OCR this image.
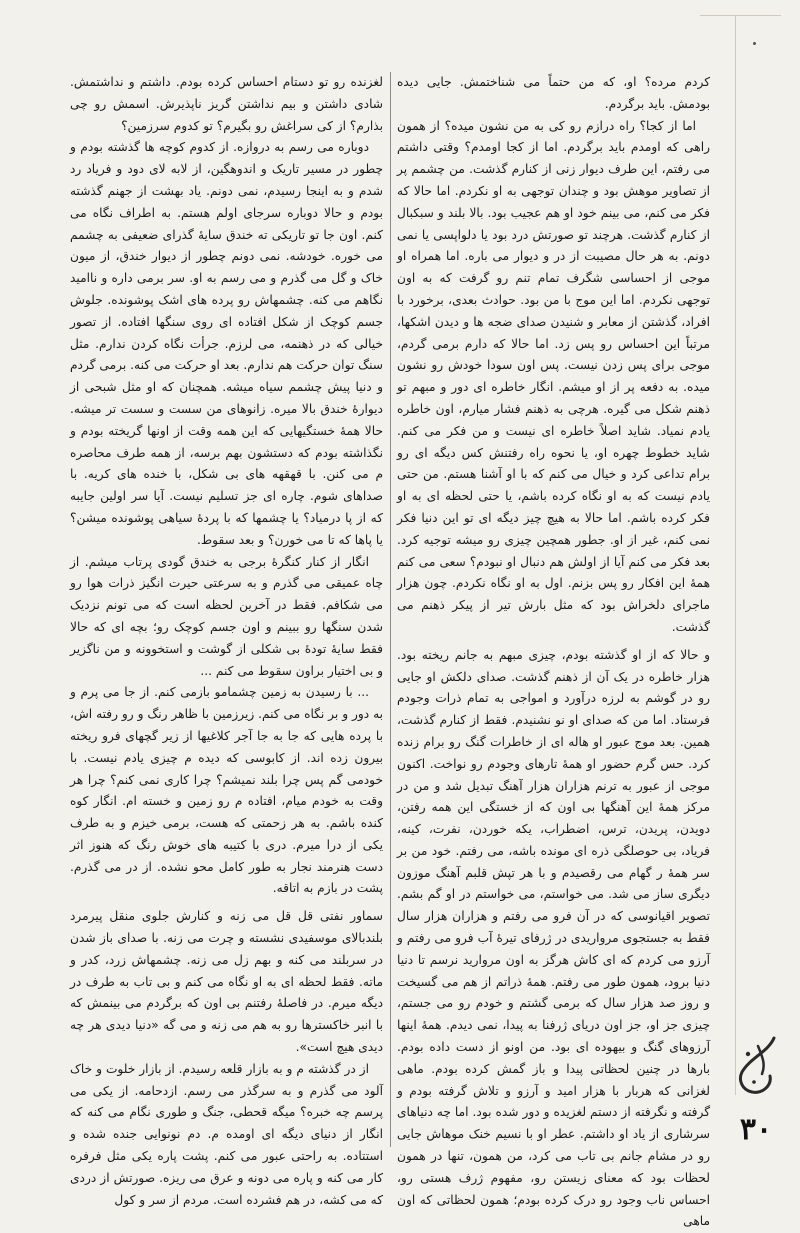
کردم مرده؟ او، که من حتماً می شناختمش. جایی دیده بودمش. باید برگردم.

اما از کجا؟ راه درازم رو کی به من نشون میده؟ از همون راهی که اومدم باید برگردم. اما از کجا اومدم؟ وقتی داشتم می رفتم، این طرف دیوار زنی از کنارم گذشت. من چشمم پر از تصاویر موهش بود و چندان توجهی به او نکردم. اما حالا که فکر می کنم، می بینم خود او هم عجیب بود. بالا بلند و سبکبال از کنارم گذشت. هرچند تو صورتش درد بود یا دلواپسی یا نمی دونم. به هر حال مصیبت از در و دیوار می باره. اما همراه او موجی از احساسی شگرف تمام تنم رو گرفت که به اون توجهی نکردم. اما این موج با من بود. حوادث بعدی، برخورد با افراد، گذشتن از معابر و شنیدن صدای ضجه ها و دیدن اشکها، مرتباً این احساس رو پس زد. اما حالا که دارم برمی گردم، موجی برای پس زدن نیست. پس اون سودا خودش رو نشون میده. به دفعه پر از او میشم. انگار خاطره ای دور و مبهم تو ذهنم شکل می گیره. هرچی به ذهنم فشار میارم، اون خاطره یادم نمیاد. شاید اصلاً خاطره ای نیست و من فکر می کنم. شاید خطوط چهره او، یا نحوه راه رفتنش کس دیگه ای رو برام تداعی کرد و خیال می کنم که با او آشنا هستم. من حتی یادم نیست که به او نگاه کرده باشم، یا حتی لحظه ای به او فکر کرده باشم. اما حالا به هیچ چیز دیگه ای تو این دنیا فکر نمی کنم، غیر از او. جطور همچین چیزی رو میشه توجیه کرد. بعد فکر می کنم آیا از اولش هم دنبال او نبودم؟ سعی می کنم همهٔ این افکار رو پس بزنم. اول به او نگاه نکردم. چون هزار ماجرای دلخراش بود که مثل بارش تیر از پیکر ذهنم می گذشت.

و حالا که از او گذشته بودم، چیزی مبهم به جانم ریخته بود. هزار خاطره در یک آن از ذهنم گذشت. صدای دلکش او جایی رو در گوشم به لرزه درآورد و امواجی به تمام ذرات وجودم فرستاد. اما من که صدای او نو نشنیدم. فقط از کنارم گذشت، همین. بعد موج عبور او هاله ای از خاطرات گنگ رو برام زنده کرد. حس گرم حضور او همهٔ تارهای وجودم رو نواخت. اکنون موجی از عبور به ترنم هزاران هزار آهنگ تبدیل شد و من در مرکز همهٔ این آهنگها بی اون که از خستگی این همه رفتن، دویدن، پریدن، ترس، اضطراب، یکه خوردن، نفرت، کینه، فریاد، بی حوصلگی ذره ای مونده باشه، می رفتم. خود من بر سر همهٔ ر گهام می رقصیدم و با هر تپش قلبم آهنگ موزون دیگری ساز می شد. می خواستم، می خواستم در او گم بشم. تصویر اقیانوسی که در آن فرو می رفتم و هزاران هزار سال فقط به جستجوی مرواریدی در ژرفای تیرهٔ آب فرو می رفتم و آرزو می کردم که ای کاش هرگز به اون مروارید نرسم تا دنیا دنیا برود، همون طور می رفتم. همهٔ ذراتم از هم می گسیخت و روز صد هزار سال که برمی گشتم و خودم رو می جستم، چیزی جز او، جز اون دریای ژرفنا به پیدا، نمی دیدم. همهٔ اینها آرزوهای گنگ و بیهوده ای بود. من اونو از دست داده بودم. بارها در چنین لحظاتی پیدا و باز گمش کرده بودم. ماهی لغزانی که هربار با هزار امید و آرزو و تلاش گرفته بودم و گرفته و نگرفته از دستم لغزیده و دور شده بود. اما چه دنیاهای سرشاری از یاد او داشتم. عطر او با نسیم خنک موهاش جایی رو در مشام جانم بی تاب می کرد، من همون، تنها در همون لحظات بود که معنای زیستن رو، مفهوم ژرف هستی رو، احساس ناب وجود رو درک کرده بودم؛ همون لحظاتی که اون ماهی

لغزنده رو تو دستام احساس کرده بودم. داشتم و نداشتمش. شادی داشتن و بیم نداشتن گریز ناپذیرش. اسمش رو چی بذارم؟ از کی سراغش رو بگیرم؟ تو کدوم سرزمین؟

دوباره می رسم به دروازه. از کدوم کوچه ها گذشته بودم و چطور در مسیر تاریک و اندوهگین، از لابه لای دود و فریاد رد شدم و به اینجا رسیدم، نمی دونم. یاد بهشت از جهنم گذشته بودم و حالا دوباره سرجای اولم هستم. به اطراف نگاه می کنم. اون جا تو تاریکی ته خندق سایهٔ گذرای ضعیفی به چشمم می خوره. خودشه. نمی دونم چطور از دیوار خندق، از میون خاک و گل می گذرم و می رسم به او. سر برمی داره و ناامید نگاهم می کنه. چشمهاش رو پرده های اشک پوشونده. جلوش جسم کوچک از شکل افتاده ای روی سنگها افتاده. از تصور خیالی که در ذهنمه، می لرزم. جرأت نگاه کردن ندارم. مثل سنگ توان حرکت هم ندارم. بعد او حرکت می کنه. برمی گردم و دنیا پیش چشمم سیاه میشه. همچنان که او مثل شبحی از دیوارهٔ خندق بالا میره. زانوهای من سست و سست تر میشه. حالا همهٔ خستگیهایی که این همه وقت از اونها گریخته بودم و نگذاشته بودم که دستشون بهم برسه، از همه طرف محاصره م می کنن. با قهقهه های بی شکل، با خنده های کریه. با صداهای شوم. چاره ای جز تسلیم نیست. آیا سر اولین جایبه که از پا درمیاد؟ یا چشمها که با پردهٔ سیاهی پوشونده میشن؟ یا پاها که تا می خورن؟ و بعد سقوط.

انگار از کنار کنگرهٔ برجی به خندق گودی پرتاب میشم. از چاه عمیقی می گذرم و به سرعتی حیرت انگیز ذرات هوا رو می شکافم. فقط در آخرین لحظه است که می تونم نزدیک شدن سنگها رو ببینم و اون جسم کوچک رو؛ بچه ای که حالا فقط سایهٔ تودهٔ بی شکلی از گوشت و استخوونه و من ناگزیر و بی اختیار براون سقوط می کنم ...

... با رسیدن به زمین چشمامو بازمی کنم. از جا می پرم و به دور و بر نگاه می کنم. زیرزمین با ظاهر رنگ و رو رفته اش، با پرده هایی که جا به جا آجر کلاغیها از زیر گچهای فرو ریخته بیرون زده اند. از کابوسی که دیده م چیزی یادم نیست. با خودمی گم پس چرا بلند نمیشم؟ چرا کاری نمی کنم؟ چرا هر وقت به خودم میام، افتاده م رو زمین و خسته ام. انگار کوه کنده باشم. به هر زحمتی که هست، برمی خیزم و به طرف یکی از درا میرم. دری با کتیبه های خوش رنگ که هنوز اثر دست هنرمند نجار به طور کامل محو نشده. از در می گذرم. پشت در بازم به اتاقه.

سماور نفتی قل قل می زنه و کنارش جلوی منقل پیرمرد بلندبالای موسفیدی نشسته و چرت می زنه. با صدای باز شدن در سربلند می کنه و بهم زل می زنه. چشمهاش زرد، کدر و ماته. فقط لحظه ای به او نگاه می کنم و بی تاب به طرف در دیگه میرم. در فاصلهٔ رفتنم بی اون که برگردم می بینمش که با انبر خاکسترها رو به هم می زنه و می گه «دنیا دیدی هر چه دیدی هیچ است».

از در گذشته م و به بازار قلعه رسیدم. از بازار خلوت و خاک آلود می گذرم و به سرگذر می رسم. ازدحامه. از یکی می پرسم چه خبره؟ میگه قحطی، جنگ و طوری نگام می کنه که انگار از دنیای دیگه ای اومده م. دم نونوایی جنده شده و استتاده. به راحتی عبور می کنم. پشت پاره یکی مثل فرفره کار می کنه و پاره می دونه و عرق می ریزه. صورتش از دردی که می کشه، در هم فشرده است. مردم از سر و کول

۳۰
